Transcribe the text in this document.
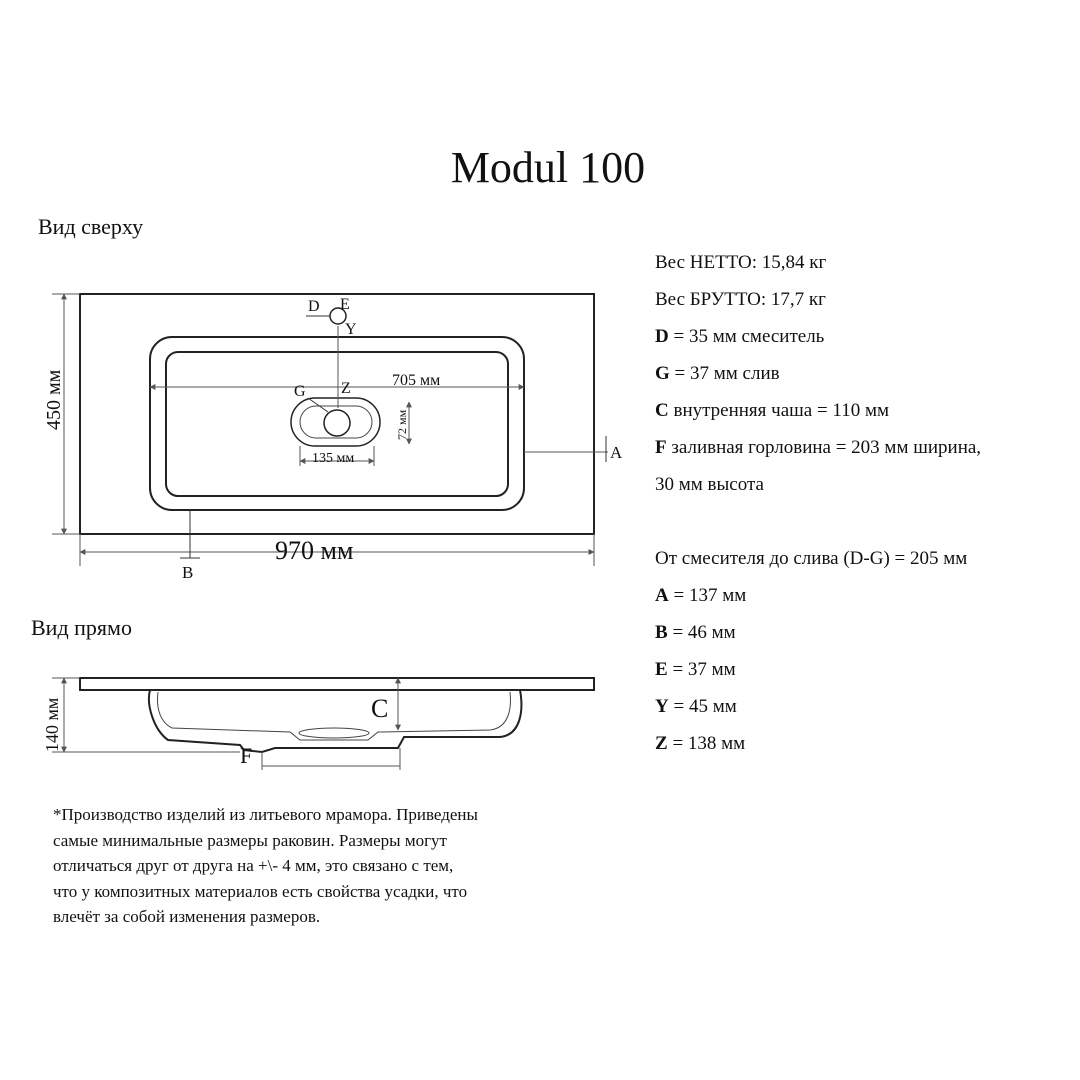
Modul 100
Вид сверху
Вид прямо
D E
Y
G Z
A
B
705 мм
135 мм
72 мм
450 мм
970 мм
C
F
140 мм
Вес НЕТТО: 15,84 кг
Вес БРУТТО: 17,7 кг
D = 35 мм смеситель
G = 37 мм слив
C внутренняя чаша = 110 мм
F заливная горловина = 203 мм ширина,
30 мм высота
От смесителя до слива (D-G) = 205 мм
A = 137 мм
B = 46 мм
E = 37 мм
Y = 45 мм
Z = 138 мм
*Производство изделий из литьевого мрамора. Приведены
самые минимальные размеры раковин. Размеры могут
отличаться друг от друга на +\- 4 мм, это связано с тем,
что у композитных материалов есть свойства усадки, что
влечёт за собой изменения размеров.
